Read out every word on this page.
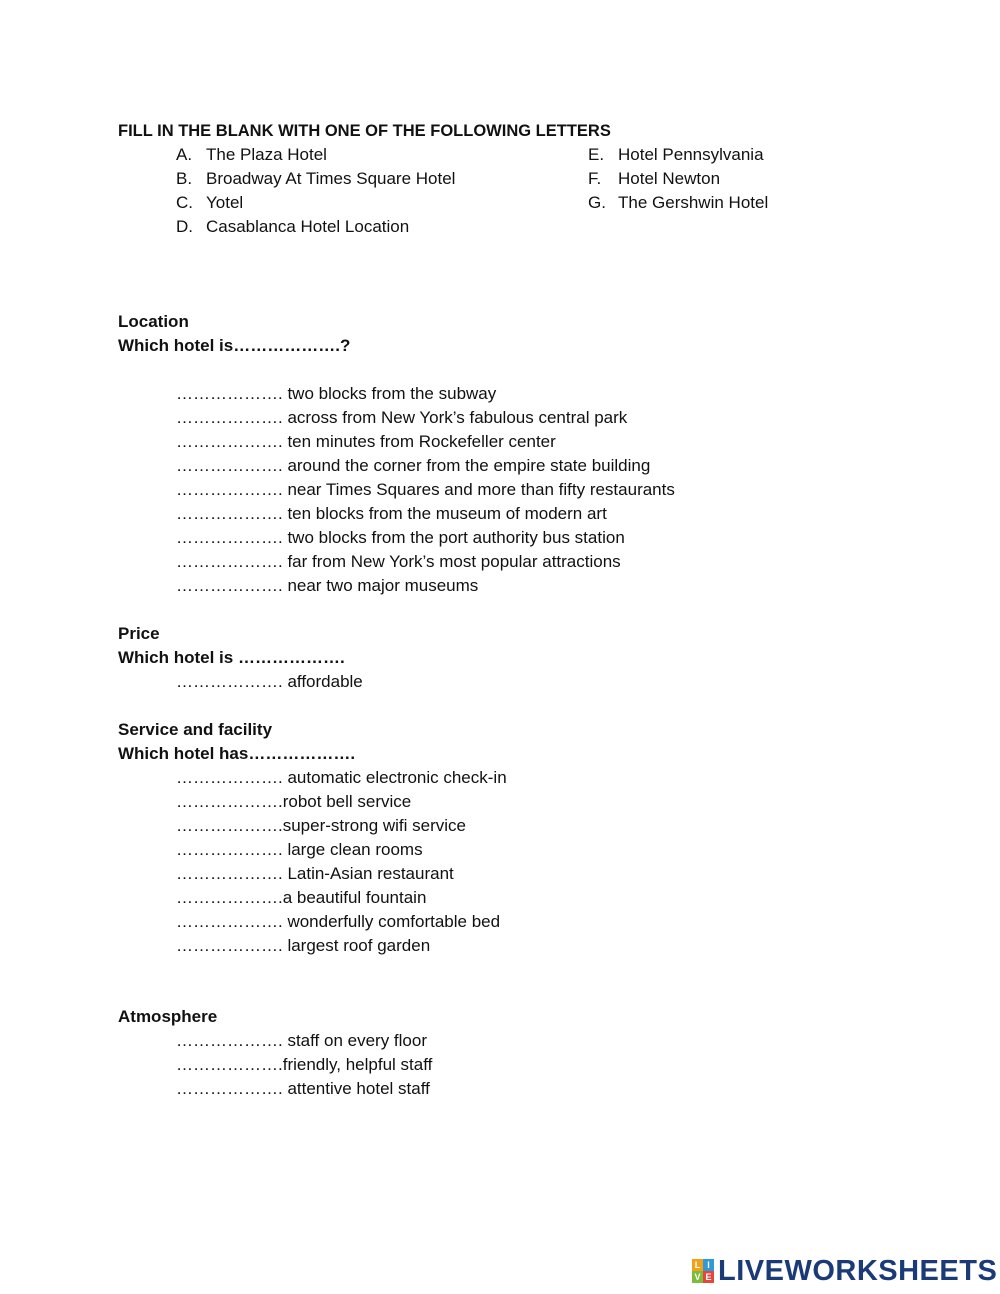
FILL IN THE BLANK WITH ONE OF THE FOLLOWING LETTERS
A. The Plaza Hotel
B. Broadway At Times Square Hotel
C. Yotel
D. Casablanca Hotel Location
E. Hotel Pennsylvania
F. Hotel Newton
G. The Gershwin Hotel
Location
Which hotel is……………….?
………………. two blocks from the subway
………………. across from New York’s fabulous central park
………………. ten minutes from Rockefeller center
………………. around the corner from the empire state building
………………. near Times Squares and more than fifty restaurants
………………. ten blocks from the museum of modern art
………………. two blocks from the port authority bus station
………………. far from New York’s most popular attractions
………………. near two major museums
Price
Which hotel is ……………….
………………. affordable
Service and facility
Which hotel has……………….
………………. automatic electronic check-in
……………….robot bell service
……………….super-strong wifi service
………………. large clean rooms
………………. Latin-Asian restaurant
……………….a beautiful fountain
………………. wonderfully comfortable bed
………………. largest roof garden
Atmosphere
………………. staff on every floor
……………….friendly, helpful staff
………………. attentive hotel staff
L I
V E LIVEWORKSHEETS
